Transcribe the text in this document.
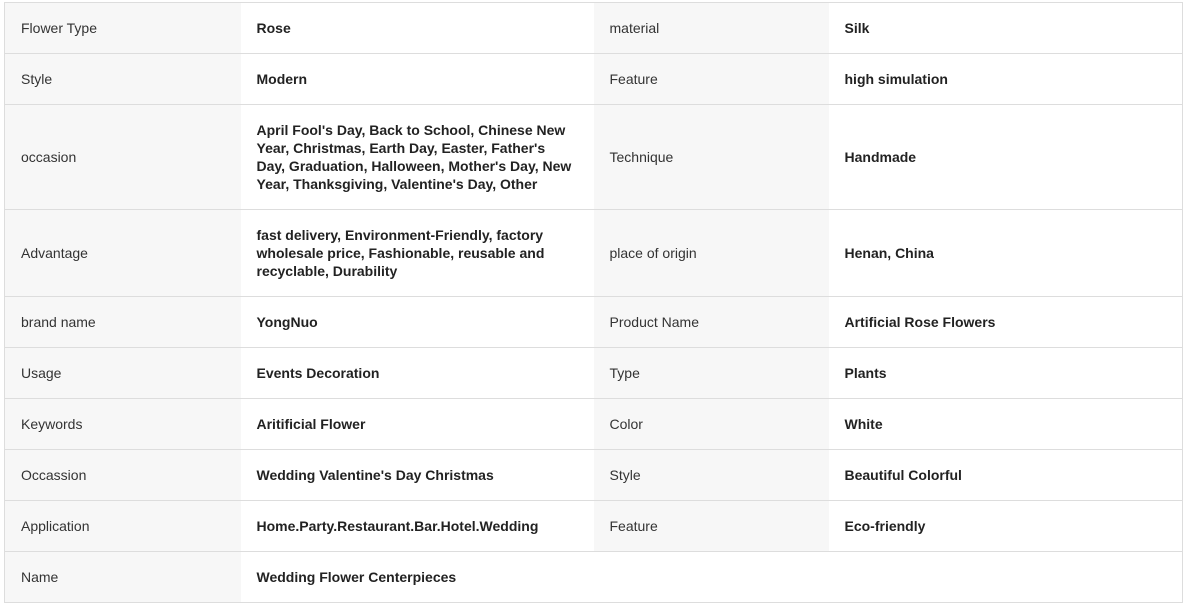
Flower Type	Rose	material	Silk
Style	Modern	Feature	high simulation
occasion	April Fool's Day, Back to School, Chinese New Year, Christmas, Earth Day, Easter, Father's Day, Graduation, Halloween, Mother's Day, New Year, Thanksgiving, Valentine's Day, Other	Technique	Handmade
Advantage	fast delivery, Environment-Friendly, factory wholesale price, Fashionable, reusable and recyclable, Durability	place of origin	Henan, China
brand name	YongNuo	Product Name	Artificial Rose Flowers
Usage	Events Decoration	Type	Plants
Keywords	Aritificial Flower	Color	White
Occassion	Wedding Valentine's Day Christmas	Style	Beautiful Colorful
Application	Home.Party.Restaurant.Bar.Hotel.Wedding	Feature	Eco-friendly
Name	Wedding Flower Centerpieces		
